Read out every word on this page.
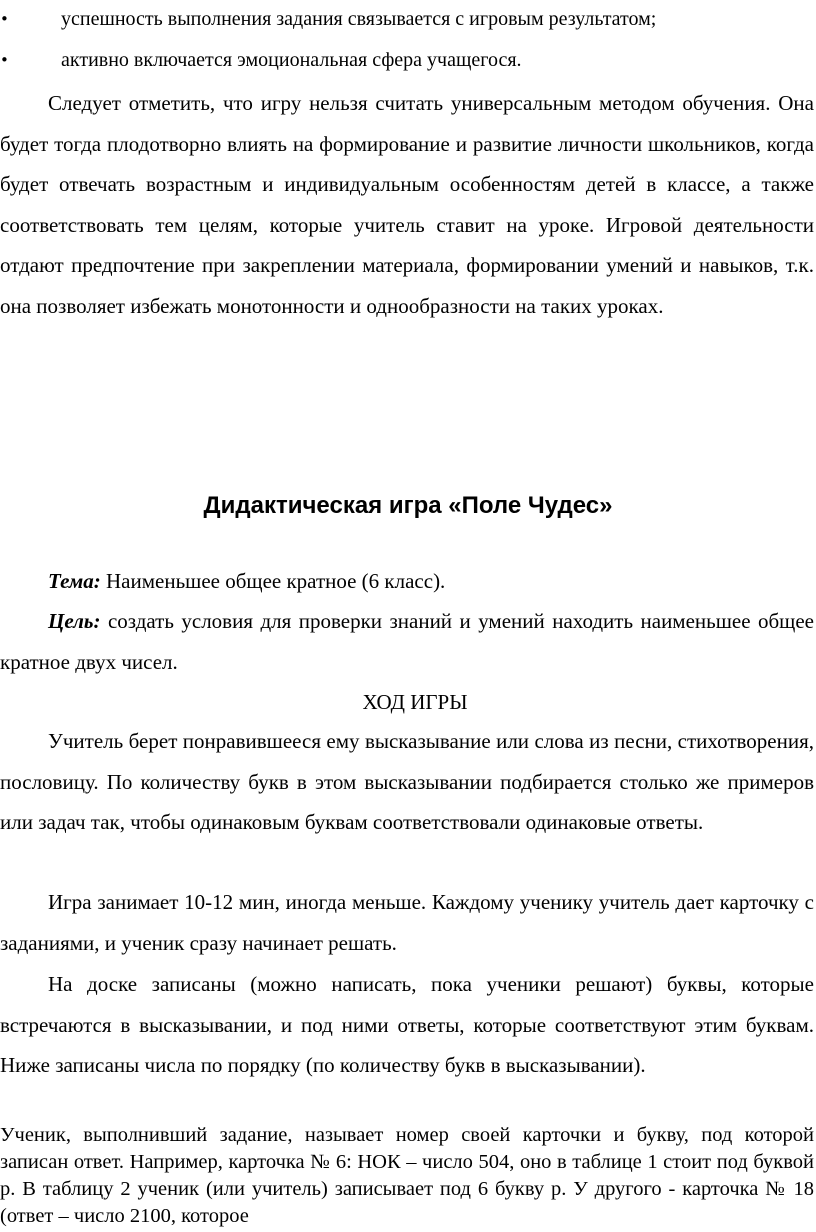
•	успешность выполнения задания связывается с игровым результатом;
•	активно включается эмоциональная сфера учащегося.

Следует отметить, что игру нельзя считать универсальным методом обучения. Она будет тогда плодотворно влиять на формирование и развитие личности школьников, когда будет отвечать возрастным и индивидуальным особенностям детей в классе, а также соответствовать тем целям, которые учитель ставит на уроке. Игровой деятельности отдают предпочтение при закреплении материала, формировании умений и навыков, т.к. она позволяет избежать монотонности и однообразности на таких уроках.

Дидактическая игра «Поле Чудес»

Тема: Наименьшее общее кратное (6 класс).

Цель: создать условия для проверки знаний и умений находить наименьшее общее кратное двух чисел.

ХОД ИГРЫ

Учитель берет понравившееся ему высказывание или слова из песни, стихотворения, пословицу. По количеству букв в этом высказывании подбирается столько же примеров или задач так, чтобы одинаковым буквам соответствовали одинаковые ответы.

Игра занимает 10-12 мин, иногда меньше. Каждому ученику учитель дает карточку с заданиями, и ученик сразу начинает решать.

На доске записаны (можно написать, пока ученики решают) буквы, которые встречаются в высказывании, и под ними ответы, которые соответствуют этим буквам. Ниже записаны числа по порядку (по количеству букв в высказывании).

Ученик, выполнивший задание, называет номер своей карточки и букву, под которой записан ответ. Например, карточка № 6: НОК – число 504, оно в таблице 1 стоит под буквой р. В таблицу 2 ученик (или учитель) записывает под 6 букву р. У другого - карточка № 18 (ответ – число 2100, которое
